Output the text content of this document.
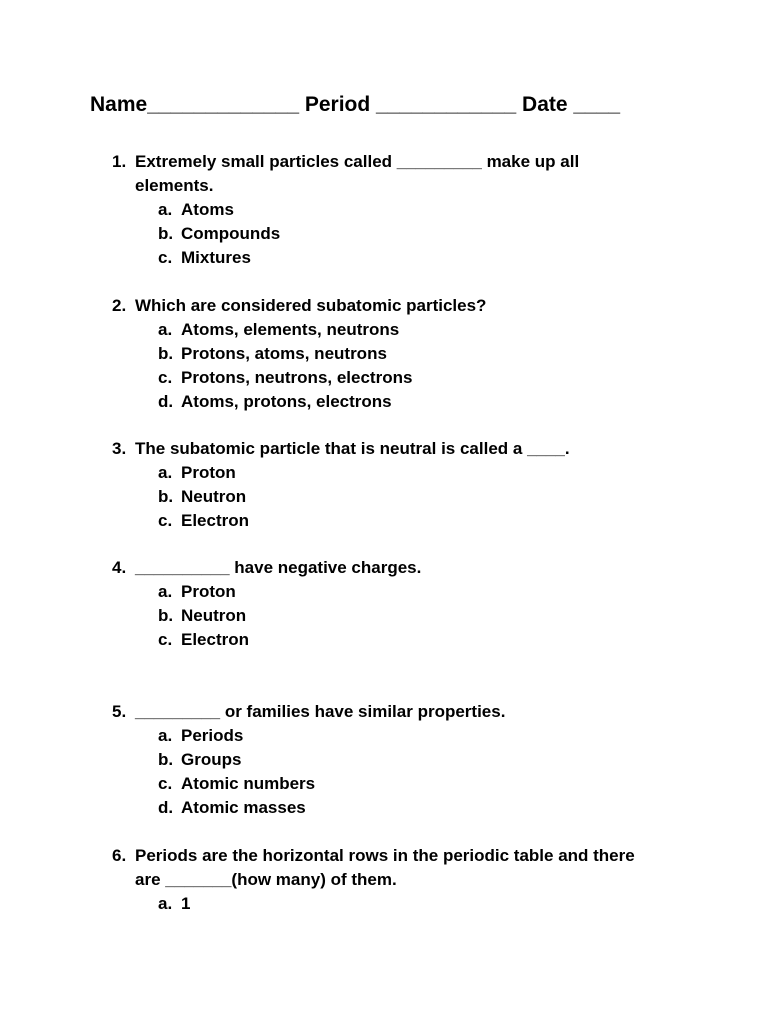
Name_____________ Period ____________ Date ____

1.

Extremely small particles called _________ make up all

elements.

a.

Atoms

b.

Compounds

c.

Mixtures

2.

Which are considered subatomic particles?

a.

Atoms, elements, neutrons

b.

Protons, atoms, neutrons

c.

Protons, neutrons, electrons

d.

Atoms, protons, electrons

3.

The subatomic particle that is neutral is called a ____.

a.

Proton

b.

Neutron

c.

Electron

4.

__________ have negative charges.

a.

Proton

b.

Neutron

c.

Electron

5.

_________ or families have similar properties.

a.

Periods

b.

Groups

c.

Atomic numbers

d.

Atomic masses

6.

Periods are the horizontal rows in the periodic table and there

are _______(how many) of them.

a.

1
